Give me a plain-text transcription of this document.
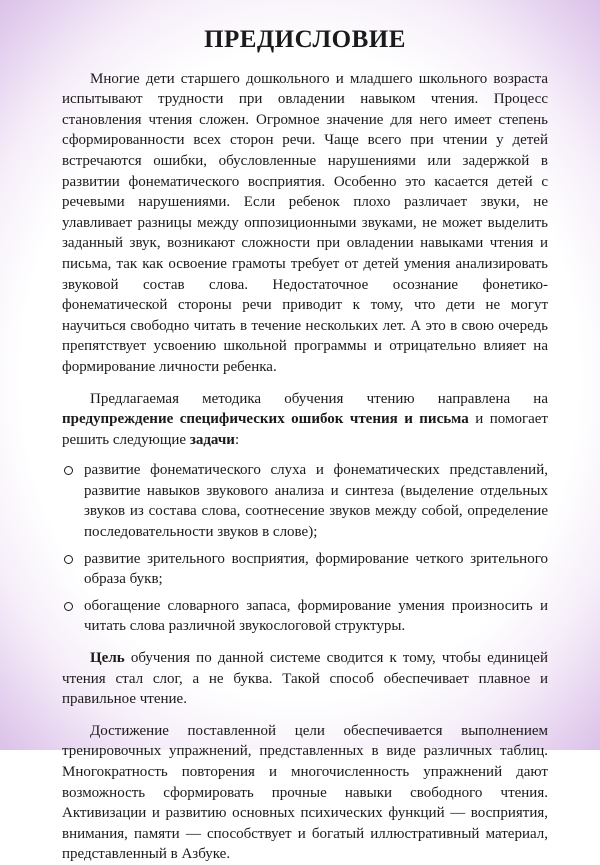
ПРЕДИСЛОВИЕ

Многие дети старшего дошкольного и младшего школьного возраста испытывают трудности при овладении навыком чтения. Процесс становления чтения сложен. Огромное значение для него имеет степень сформированности всех сторон речи. Чаще всего при чтении у детей встречаются ошибки, обусловленные нарушениями или задержкой в развитии фонематического восприятия. Особенно это касается детей с речевыми нарушениями. Если ребенок плохо различает звуки, не улавливает разницы между оппозиционными звуками, не может выделить заданный звук, возникают сложности при овладении навыками чтения и письма, так как освоение грамоты требует от детей умения анализировать звуковой состав слова. Недостаточное осознание фонетико-фонематической стороны речи приводит к тому, что дети не могут научиться свободно читать в течение нескольких лет. А это в свою очередь препятствует усвоению школьной программы и отрицательно влияет на формирование личности ребенка.

Предлагаемая методика обучения чтению направлена на предупреждение специфических ошибок чтения и письма и помогает решить следующие задачи:

развитие фонематического слуха и фонематических представлений, развитие навыков звукового анализа и синтеза (выделение отдельных звуков из состава слова, соотнесение звуков между собой, определение последовательности звуков в слове);
развитие зрительного восприятия, формирование четкого зрительного образа букв;
обогащение словарного запаса, формирование умения произносить и читать слова различной звукослоговой структуры.

Цель обучения по данной системе сводится к тому, чтобы единицей чтения стал слог, а не буква. Такой способ обеспечивает плавное и правильное чтение.

Достижение поставленной цели обеспечивается выполнением тренировочных упражнений, представленных в виде различных таблиц. Многократность повторения и многочисленность упражнений дают возможность сформировать прочные навыки свободного чтения. Активизации и развитию основных психических функций — восприятия, внимания, памяти — способствует и богатый иллюстративный материал, представленный в Азбуке.
